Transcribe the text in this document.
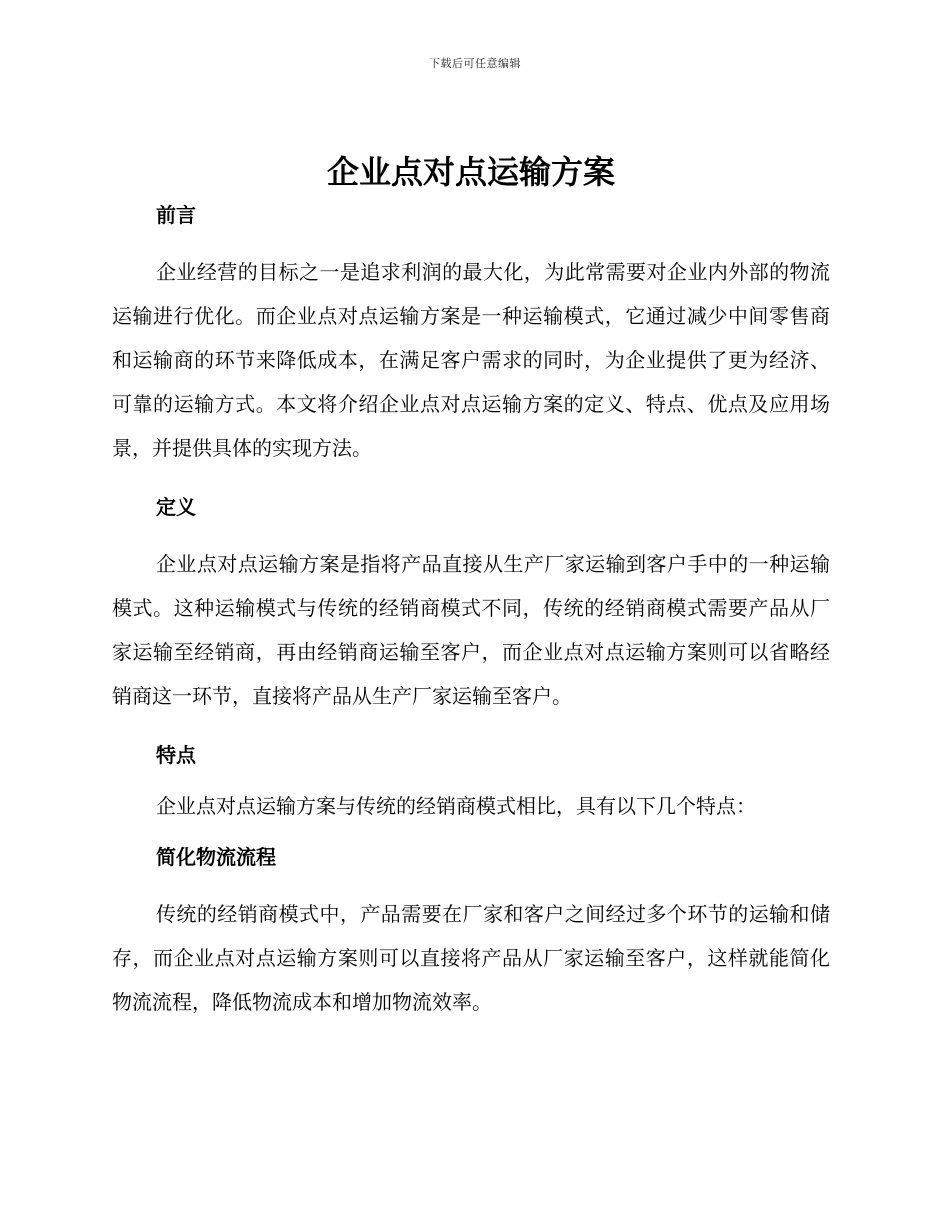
下载后可任意编辑
企业点对点运输方案
前言

企业经营的目标之一是追求利润的最大化，为此常需要对企业内外部的物流运输进行优化。而企业点对点运输方案是一种运输模式，它通过减少中间零售商和运输商的环节来降低成本，在满足客户需求的同时，为企业提供了更为经济、可靠的运输方式。本文将介绍企业点对点运输方案的定义、特点、优点及应用场景，并提供具体的实现方法。

定义

企业点对点运输方案是指将产品直接从生产厂家运输到客户手中的一种运输模式。这种运输模式与传统的经销商模式不同，传统的经销商模式需要产品从厂家运输至经销商，再由经销商运输至客户，而企业点对点运输方案则可以省略经销商这一环节，直接将产品从生产厂家运输至客户。

特点

企业点对点运输方案与传统的经销商模式相比，具有以下几个特点：

简化物流流程

传统的经销商模式中，产品需要在厂家和客户之间经过多个环节的运输和储存，而企业点对点运输方案则可以直接将产品从厂家运输至客户，这样就能简化物流流程，降低物流成本和增加物流效率。
